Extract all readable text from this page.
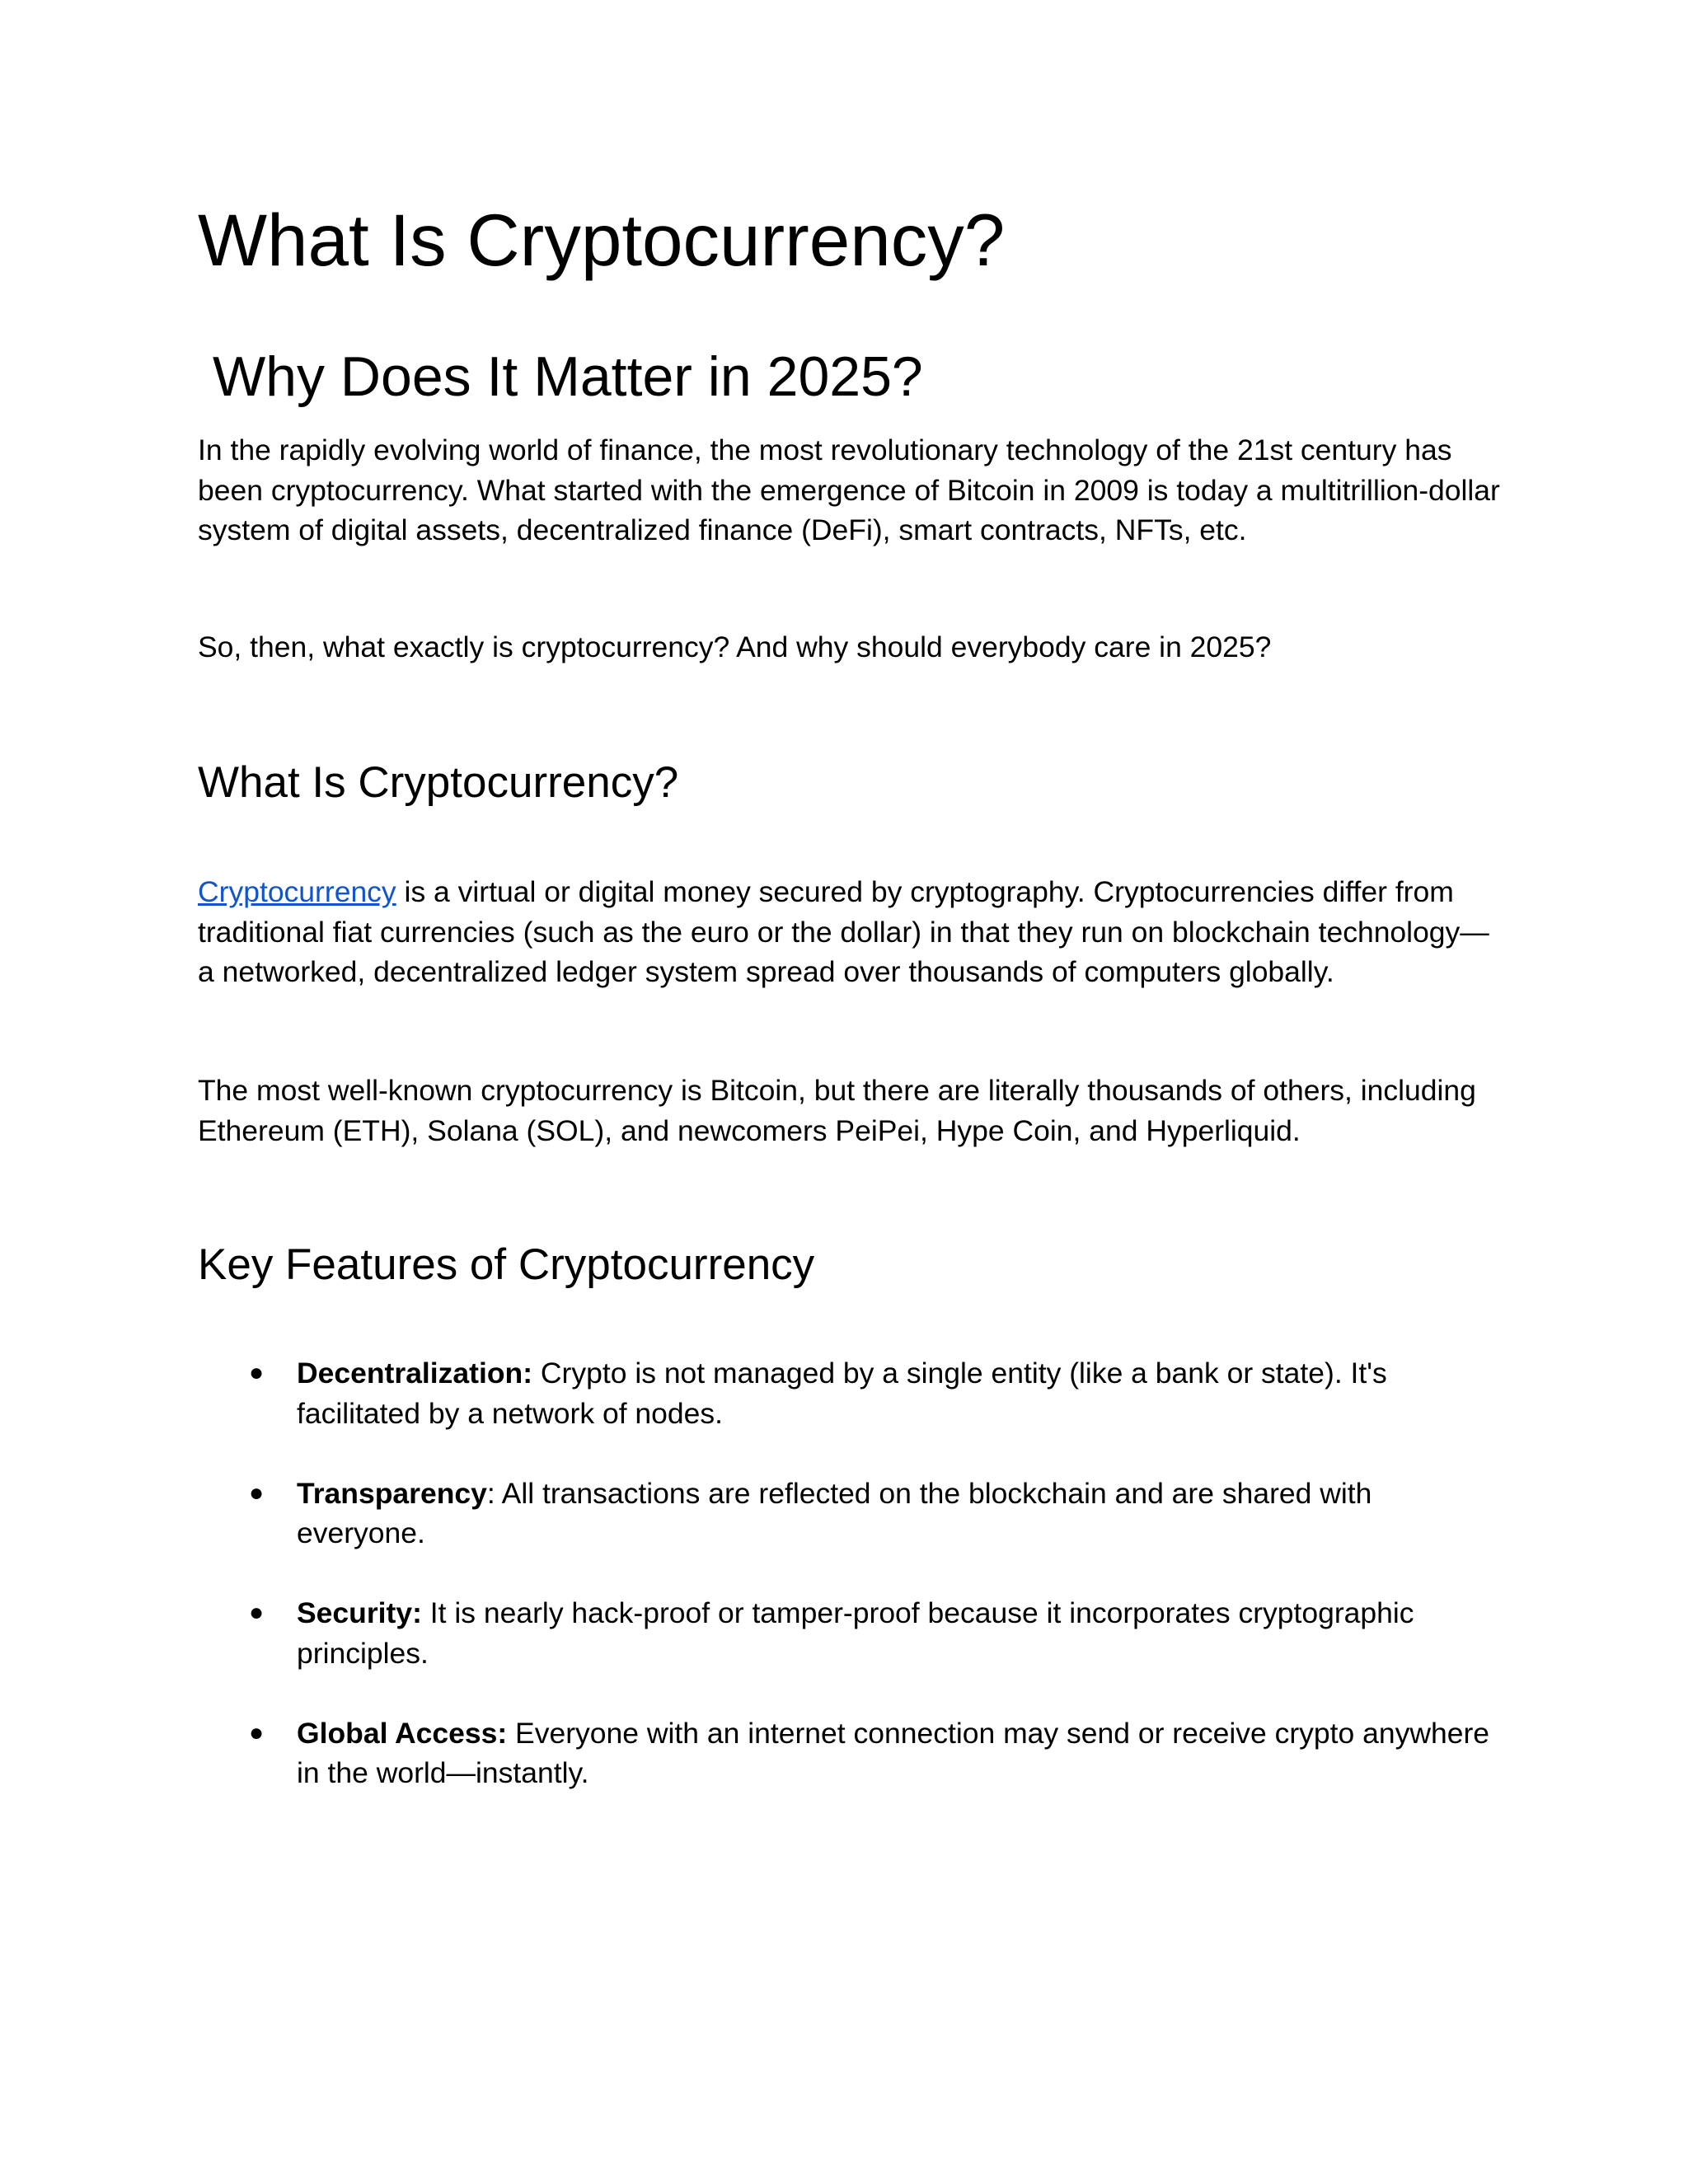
What Is Cryptocurrency?
Why Does It Matter in 2025?

In the rapidly evolving world of finance, the most revolutionary technology of the 21st century has been cryptocurrency. What started with the emergence of Bitcoin in 2009 is today a multitrillion-dollar system of digital assets, decentralized finance (DeFi), smart contracts, NFTs, etc.

So, then, what exactly is cryptocurrency? And why should everybody care in 2025?

What Is Cryptocurrency?

Cryptocurrency is a virtual or digital money secured by cryptography. Cryptocurrencies differ from traditional fiat currencies (such as the euro or the dollar) in that they run on blockchain technology—a networked, decentralized ledger system spread over thousands of computers globally.

The most well-known cryptocurrency is Bitcoin, but there are literally thousands of others, including Ethereum (ETH), Solana (SOL), and newcomers PeiPei, Hype Coin, and Hyperliquid.

Key Features of Cryptocurrency
● Decentralization: Crypto is not managed by a single entity (like a bank or state). It's facilitated by a network of nodes.
● Transparency: All transactions are reflected on the blockchain and are shared with everyone.
● Security: It is nearly hack-proof or tamper-proof because it incorporates cryptographic principles.
● Global Access: Everyone with an internet connection may send or receive crypto anywhere in the world—instantly.
